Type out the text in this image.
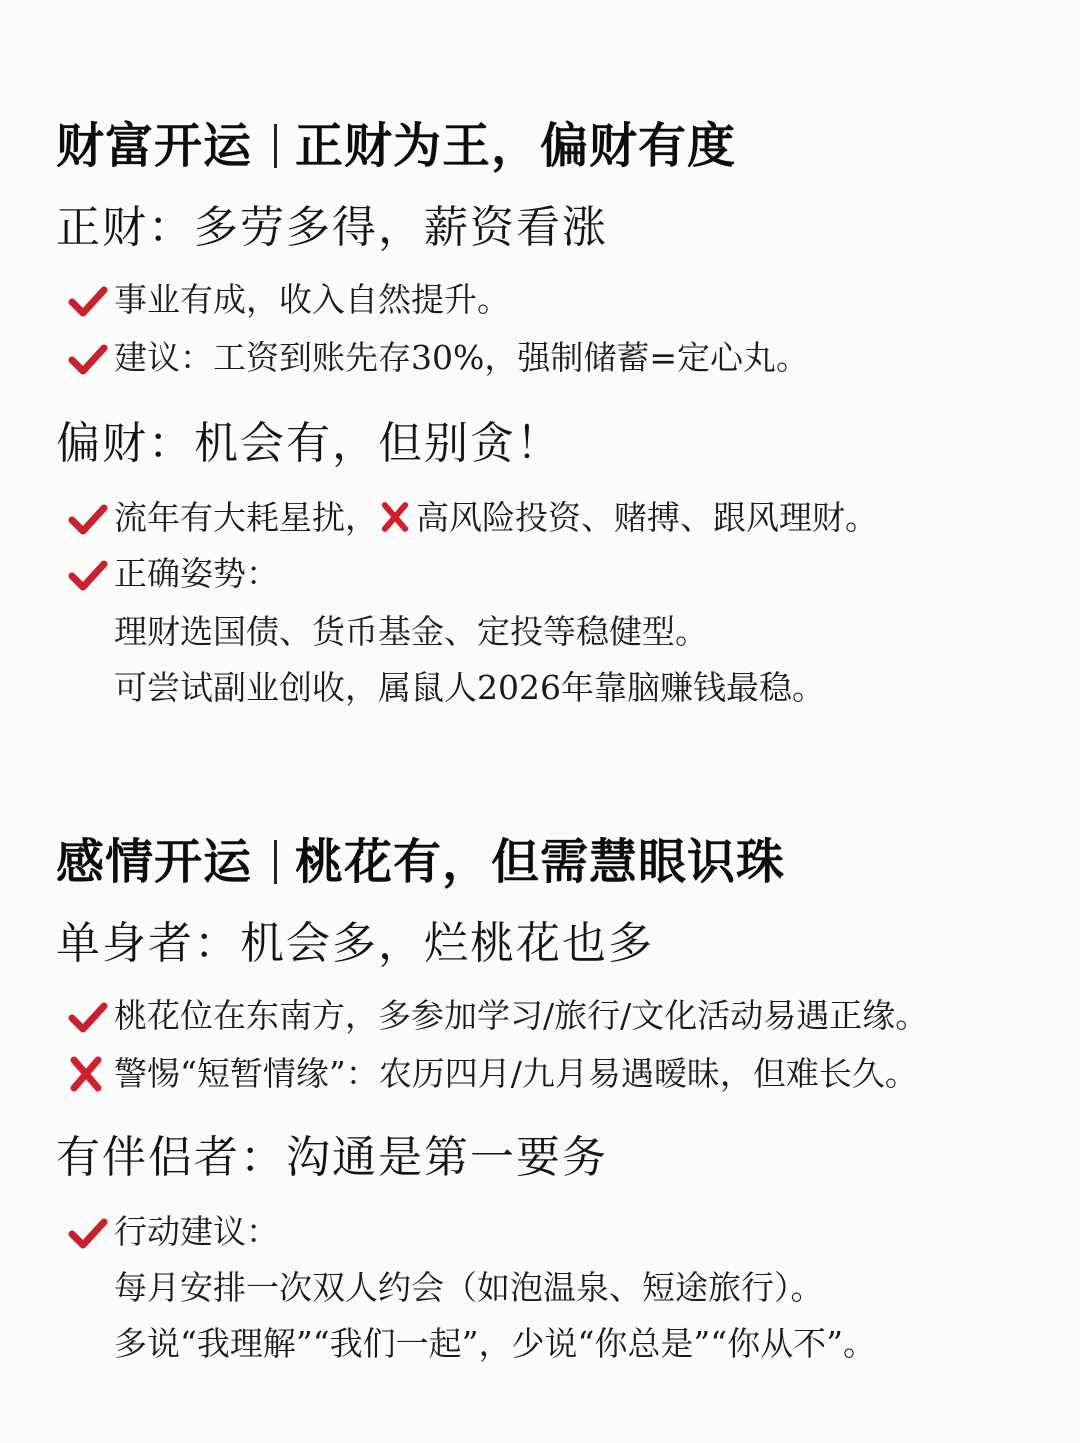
财富开运 正财为王，偏财有度
正财：多劳多得，薪资看涨
事业有成，收入自然提升。
建议：工资到账先存30%，强制储蓄=定心丸。
偏财：机会有，但别贪！
流年有大耗星扰， 高风险投资、赌搏、跟风理财。
正确姿势：
理财选国债、货币基金、定投等稳健型。
可尝试副业创收，属鼠人2026年靠脑赚钱最稳。
感情开运 桃花有，但需慧眼识珠
单身者：机会多，烂桃花也多
桃花位在东南方，多参加学习/旅行/文化活动易遇正缘。
警惕“短暂情缘”：农历四月/九月易遇暧昧，但难长久。
有伴侣者：沟通是第一要务
行动建议：
每月安排一次双人约会（如泡温泉、短途旅行）。
多说“我理解”“我们一起”，少说“你总是”“你从不”。
